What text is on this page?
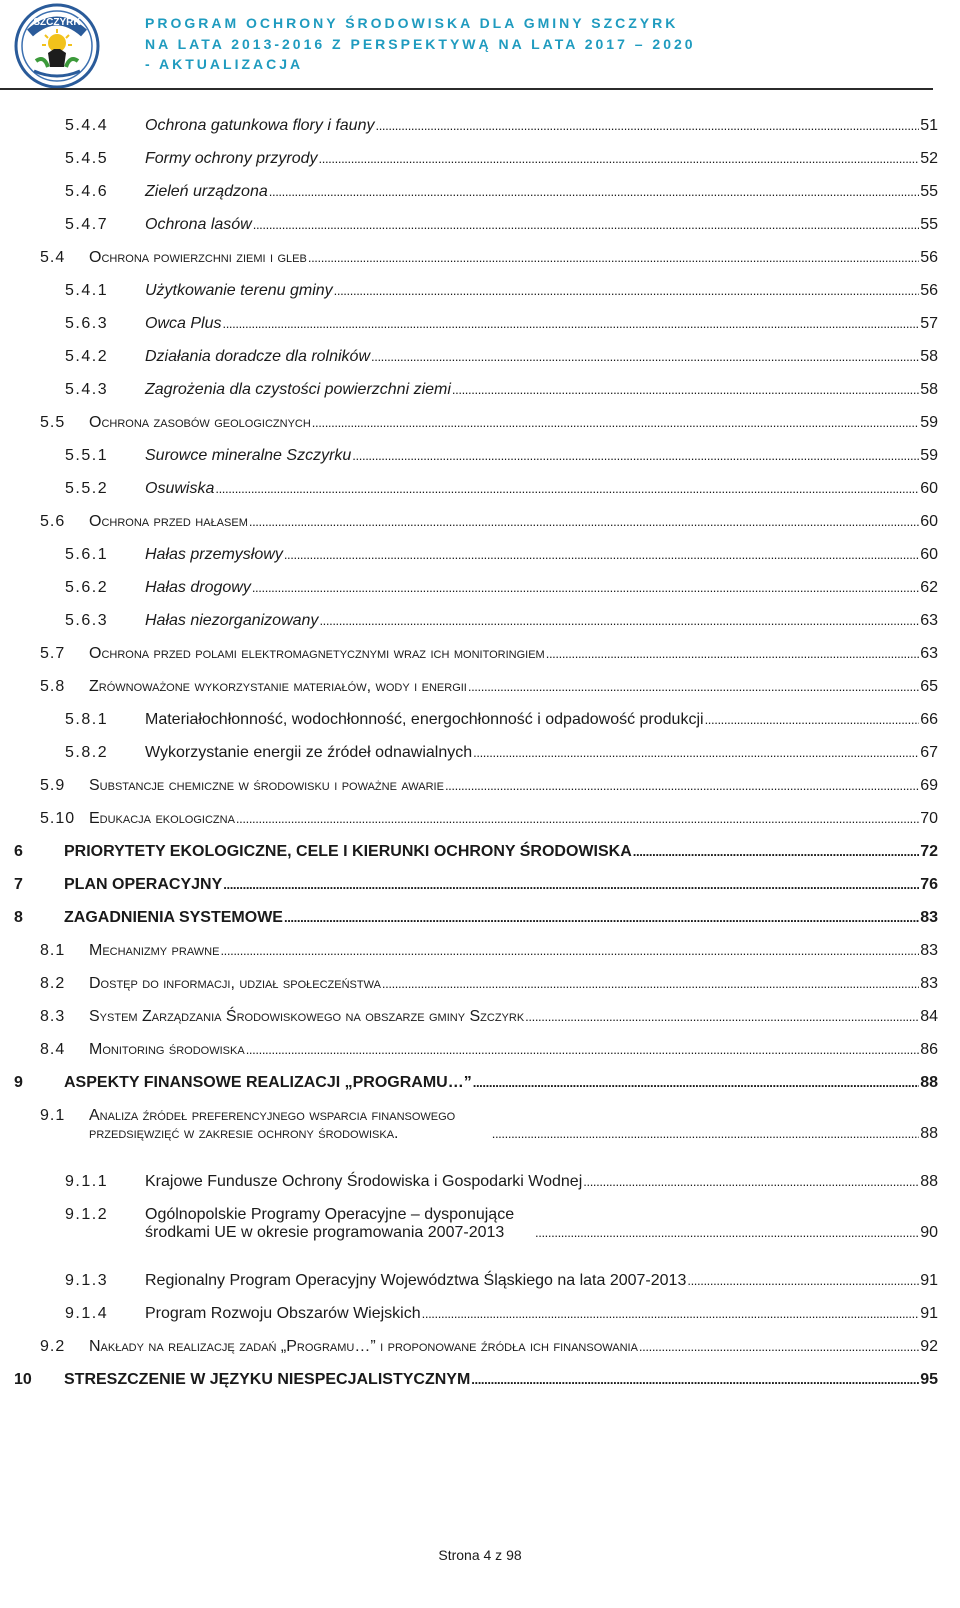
SZCZYRK	PROGRAM OCHRONY ŚRODOWISKA DLA GMINY SZCZYRK
NA LATA 2013-2016 Z PERSPEKTYWĄ NA LATA 2017 – 2020
- AKTUALIZACJA
5.4.4 Ochrona gatunkowa flory i fauny . . .	51
5.4.5 Formy ochrony przyrody . . .	52
5.4.6 Zieleń urządzona . . .	55
5.4.7 Ochrona lasów . . .	55
5.4 Ochrona powierzchni ziemi i gleb . . .	56
5.4.1 Użytkowanie terenu gminy . . .	56
5.6.3 Owca Plus . . .	57
5.4.2 Działania doradcze dla rolników . . .	58
5.4.3 Zagrożenia dla czystości powierzchni ziemi . . .	58
5.5 Ochrona zasobów geologicznych . . .	59
5.5.1 Surowce mineralne Szczyrku . . .	59
5.5.2 Osuwiska . . .	60
5.6 Ochrona przed hałasem . . .	60
5.6.1 Hałas przemysłowy . . .	60
5.6.2 Hałas drogowy . . .	62
5.6.3 Hałas niezorganizowany . . .	63
5.7 Ochrona przed polami elektromagnetycznymi wraz ich monitoringiem . . .	63
5.8 Zrównoważone wykorzystanie materiałów, wody i energii . . .	65
5.8.1 Materiałochłonność, wodochłonność, energochłonność i odpadowość produkcji . . .	66
5.8.2 Wykorzystanie energii ze źródeł odnawialnych . . .	67
5.9 Substancje chemiczne w środowisku i poważne awarie . . .	69
5.10 Edukacja ekologiczna . . .	70
6	PRIORYTETY EKOLOGICZNE, CELE I KIERUNKI OCHRONY ŚRODOWISKA . . .	72
7	PLAN OPERACYJNY . . .	76
8	ZAGADNIENIA SYSTEMOWE . . .	83
8.1 Mechanizmy prawne . . .	83
8.2 Dostęp do informacji, udział społeczeństwa . . .	83
8.3 System Zarządzania Środowiskowego na obszarze gminy Szczyrk . . .	84
8.4 Monitoring środowiska . . .	86
9	ASPEKTY FINANSOWE REALIZACJI „PROGRAMU…” . . .	88
9.1 Analiza źródeł preferencyjnego wsparcia finansowego przedsięwzięć w zakresie ochrony środowiska. . . .	88
9.1.1 Krajowe Fundusze Ochrony Środowiska i Gospodarki Wodnej . . .	88
9.1.2 Ogólnopolskie Programy Operacyjne – dysponujące środkami UE w okresie programowania 2007-2013 . . .	90
9.1.3 Regionalny Program Operacyjny Województwa Śląskiego na lata 2007-2013 . . .	91
9.1.4 Program Rozwoju Obszarów Wiejskich . . .	91
9.2 Nakłady na realizację zadań „Programu…” i proponowane źródła ich finansowania . . .	92
10 STRESZCZENIE W JĘZYKU NIESPECJALISTYCZNYM . . .	95
Strona 4 z 98
